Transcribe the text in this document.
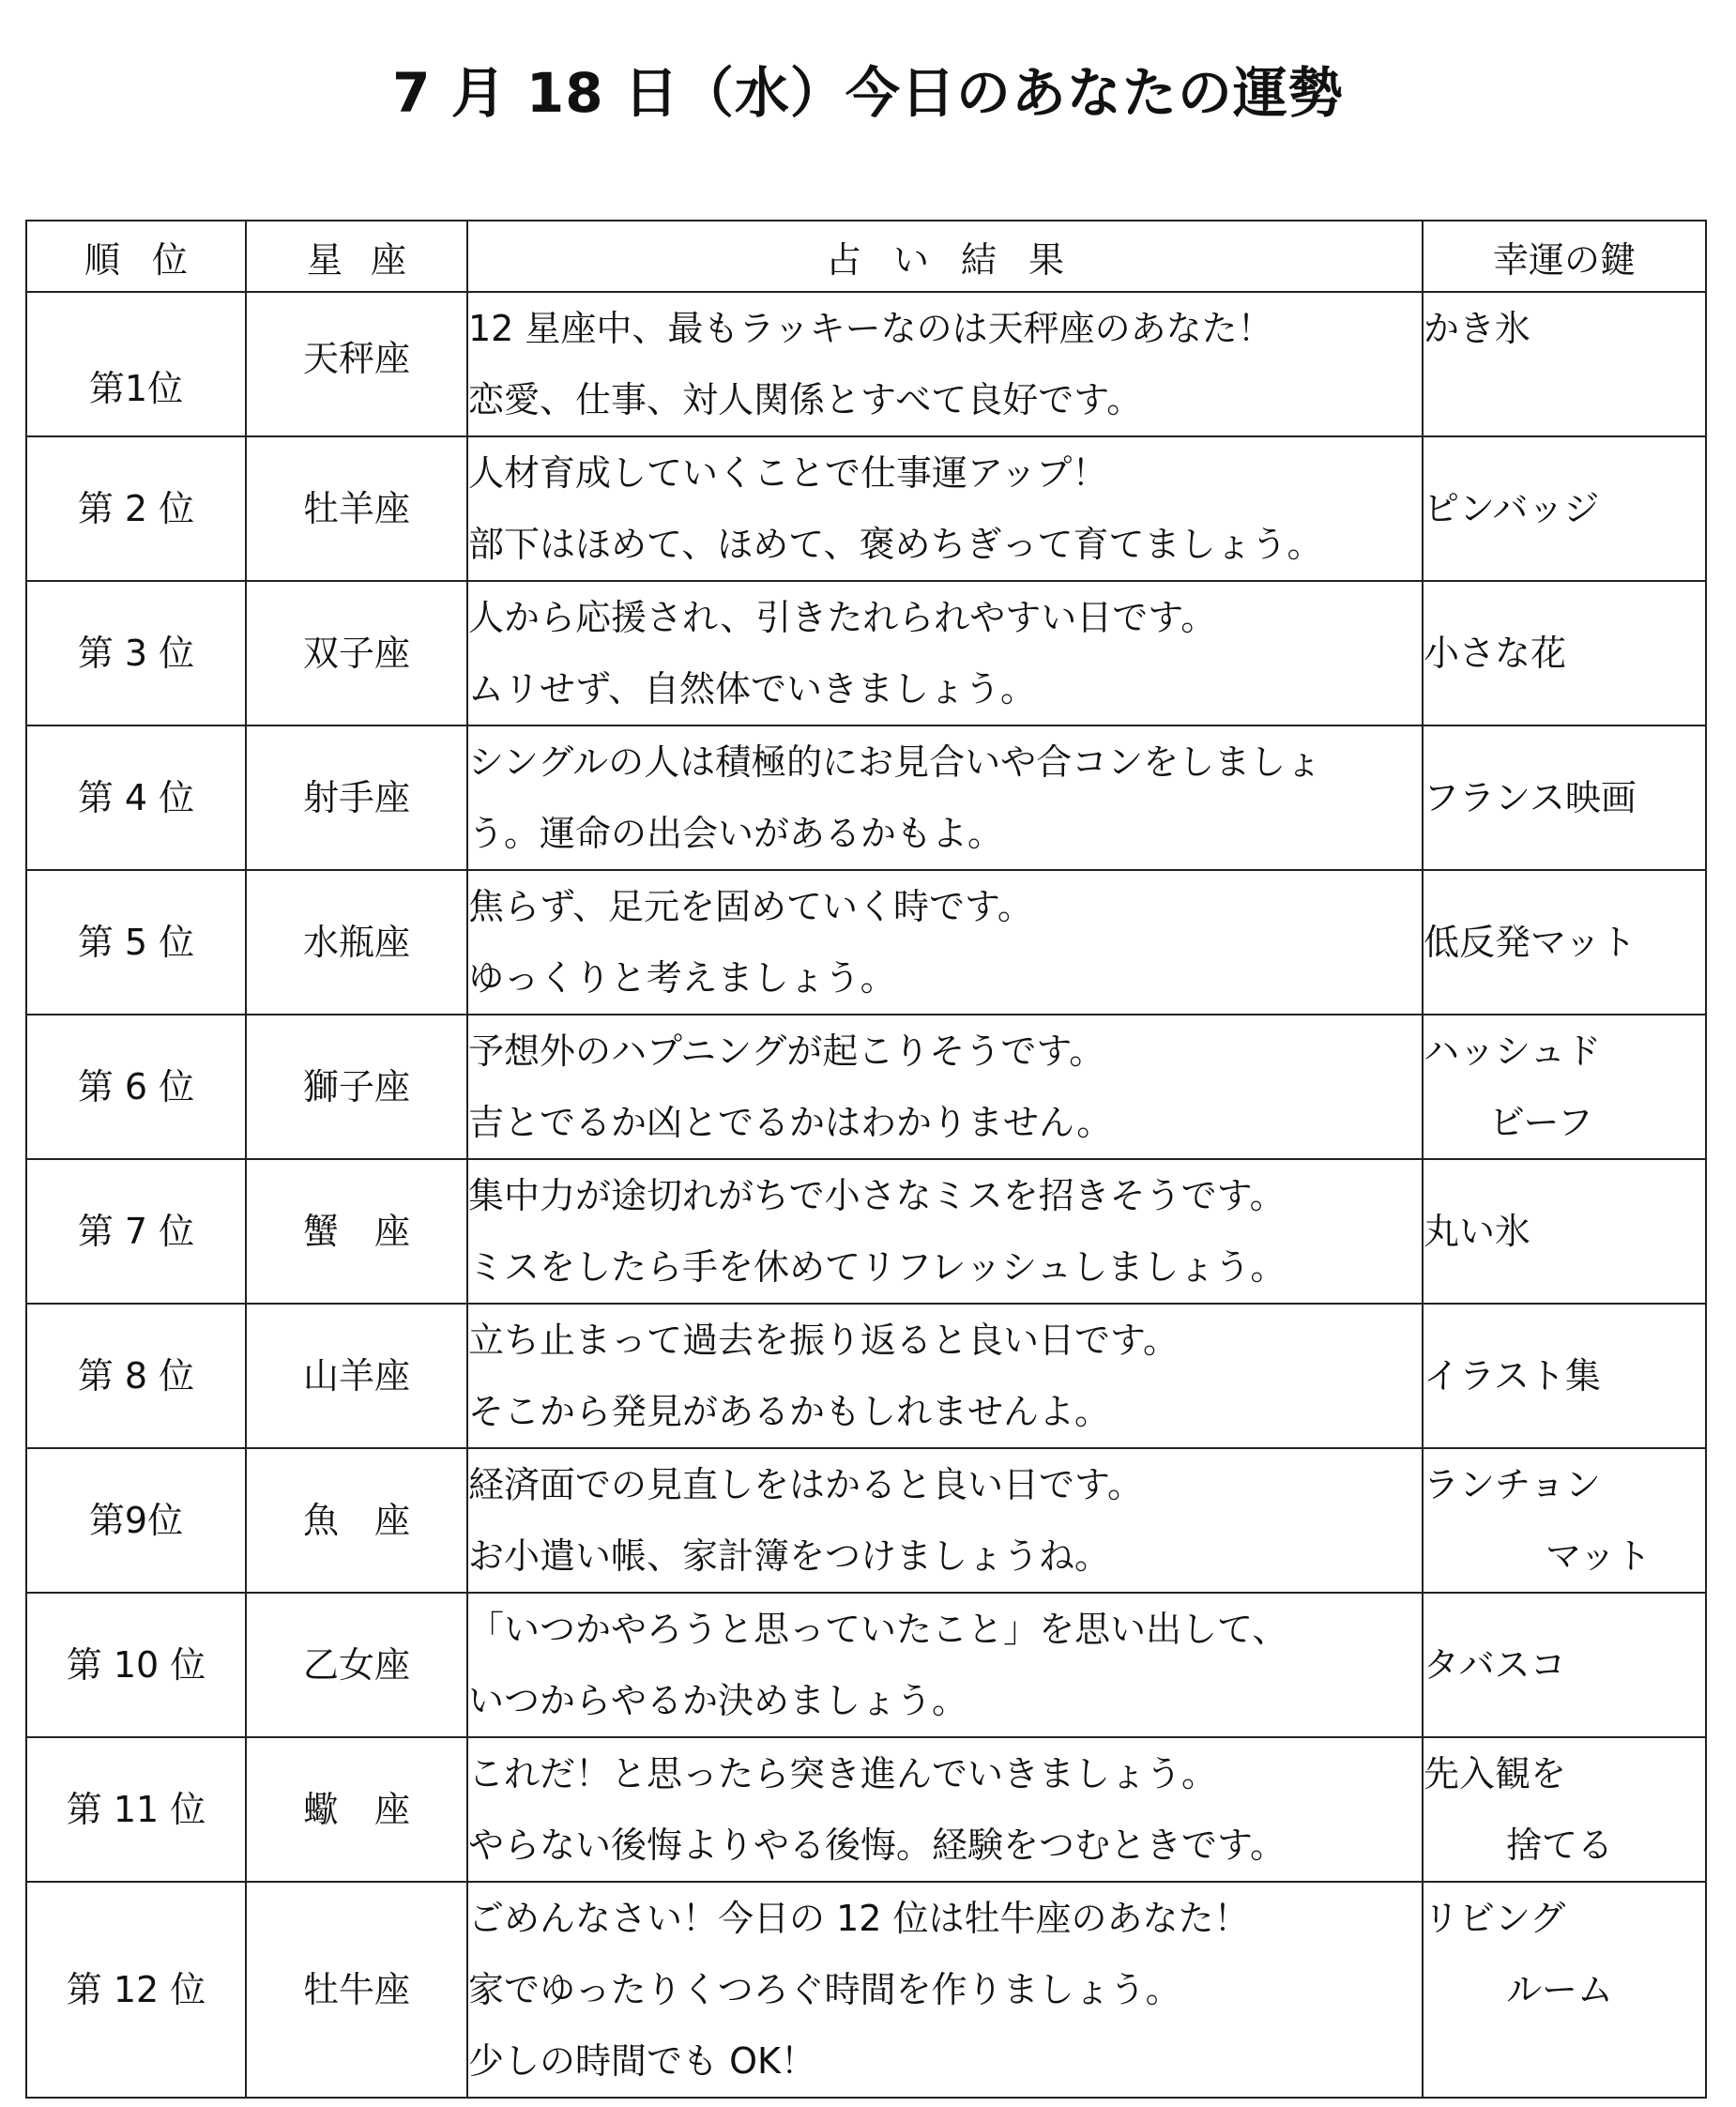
7 月 18 日（水）今日のあなたの運勢
順位	星座	占い結果	幸運の鍵
第1位	天秤座	12 星座中、最もラッキーなのは天秤座のあなた！
恋愛、仕事、対人関係とすべて良好です。	かき氷

第 2 位	牡羊座	人材育成していくことで仕事運アップ！
部下はほめて、ほめて、褒めちぎって育てましょう。	ピンバッジ

第 3 位	双子座	人から応援され、引きたれられやすい日です。
ムリせず、自然体でいきましょう。	小さな花

第 4 位	射手座	シングルの人は積極的にお見合いや合コンをしましょ
う。運命の出会いがあるかもよ。	フランス映画

第 5 位	水瓶座	焦らず、足元を固めていく時です。
ゆっくりと考えましょう。	低反発マット

第 6 位	獅子座	予想外のハプニングが起こりそうです。
吉とでるか凶とでるかはわかりません。	ハッシュド
ビーフ

第 7 位	蟹　座	集中力が途切れがちで小さなミスを招きそうです。
ミスをしたら手を休めてリフレッシュしましょう。	丸い氷

第 8 位	山羊座	立ち止まって過去を振り返ると良い日です。
そこから発見があるかもしれませんよ。	イラスト集

第9位	魚　座	経済面での見直しをはかると良い日です。
お小遣い帳、家計簿をつけましょうね。	ランチョン
マット

第 10 位	乙女座	「いつかやろうと思っていたこと」を思い出して、
いつからやるか決めましょう。	タバスコ

第 11 位	蠍　座	これだ！と思ったら突き進んでいきましょう。
やらない後悔よりやる後悔。経験をつむときです。	先入観を
捨てる

第 12 位	牡牛座	ごめんなさい！今日の 12 位は牡牛座のあなた！
家でゆったりくつろぐ時間を作りましょう。
少しの時間でも OK！	リビング
ルーム
